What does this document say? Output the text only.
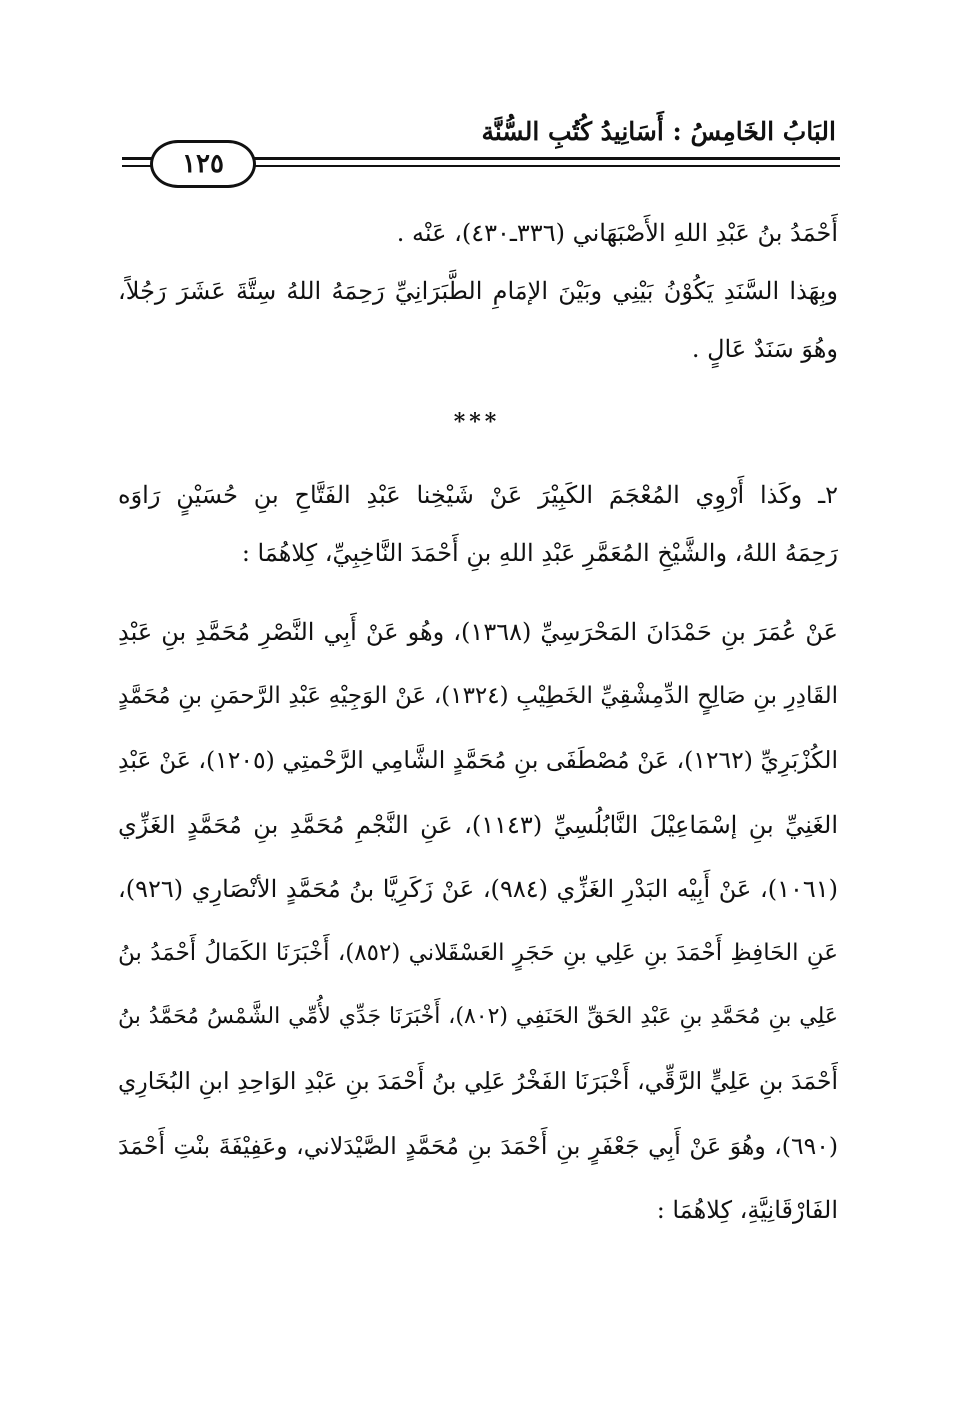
البَابُ الخَامِسُ : أَسَانِيدُ كُتُبِ السُّنَّة
١٢٥
أَحْمَدُ بنُ عَبْدِ اللهِ الأَصْبَهَاني (٣٣٦ـ٤٣٠)، عَنْه .
وبِهَذا السَّنَدِ يَكُوْنُ بَيْنِي وبَيْنَ الإمَامِ الطَّبَرَانِيِّ رَحِمَهُ اللهُ سِتَّةَ عَشَرَ رَجُلاً،
وهُوَ سَنَدٌ عَالٍ .
***
٢ـ وكَذا أَرْوِي المُعْجَمَ الكَبِيْرَ عَنْ شَيْخِنا عَبْدِ الفَتَّاحِ بنِ حُسَيْنٍ رَاوَه
رَحِمَهُ اللهُ، والشَّيْخِ المُعَمَّرِ عَبْدِ اللهِ بنِ أَحْمَدَ النَّاخِبِيِّ، كِلاهُمَا :
عَنْ عُمَرَ بنِ حَمْدَانَ المَحْرَسِيِّ (١٣٦٨)، وهُو عَنْ أَبِي النَّصْرِ مُحَمَّدِ بنِ عَبْدِ
القَادِرِ بنِ صَالِحٍ الدِّمِشْقِيِّ الخَطِيْبِ (١٣٢٤)، عَنْ الوَجِيْهِ عَبْدِ الرَّحمَنِ بنِ مُحَمَّدٍ
الكُزْبَرِيِّ (١٢٦٢)، عَنْ مُصْطَفَى بنِ مُحَمَّدٍ الشَّامِي الرَّحْمتِي (١٢٠٥)، عَنْ عَبْدِ
الغَنِيِّ بنِ إسْمَاعِيْلَ النَّابُلُسِيِّ (١١٤٣)، عَنِ النَّجْمِ مُحَمَّدِ بنِ مُحَمَّدٍ الغَزِّي
(١٠٦١)، عَنْ أَبِيْه البَدْرِ الغَزِّي (٩٨٤)، عَنْ زَكَرِيَّا بنُ مُحَمَّدٍ الأنْصَارِي (٩٢٦)،
عَنِ الحَافِظِ أَحْمَدَ بنِ عَلِي بنِ حَجَرٍ العَسْقَلاني (٨٥٢)، أَخْبَرَنَا الكَمَالُ أَحْمَدُ بنُ
عَلِي بنِ مُحَمَّدِ بنِ عَبْدِ الحَقِّ الحَنَفِي (٨٠٢)، أَخْبَرَنَا جَدِّي لأُمِّي الشَّمْسُ مُحَمَّدُ بنُ
أَحْمَدَ بنِ عَلِيٍّ الرَّقِّي، أَخْبَرَنَا الفَخْرُ عَلِي بنُ أَحْمَدَ بنِ عَبْدِ الوَاحِدِ ابنِ البُخَارِي
(٦٩٠)، وهُوَ عَنْ أَبِي جَعْفَرٍ بنِ أَحْمَدَ بنِ مُحَمَّدٍ الصَّيْدَلاني، وعَفِيْفَةَ بنْتِ أَحْمَدَ
الفَارْقَانِيَّةِ، كِلاهُمَا :
